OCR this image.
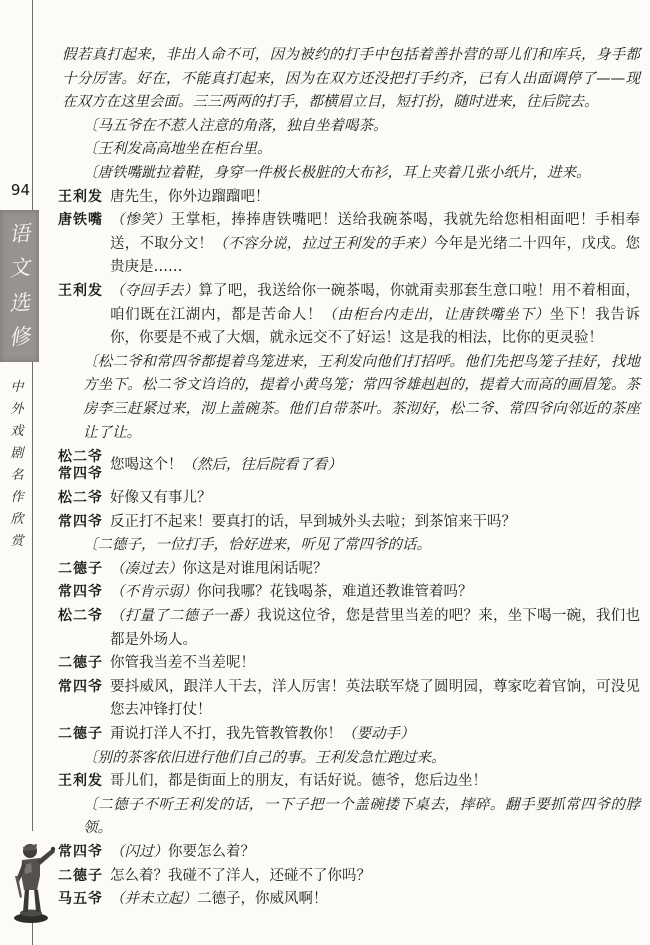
94
语
文
选
修
中
外
戏
剧
名
作
欣
赏
假若真打起来，非出人命不可，因为被约的打手中包括着善扑营的哥儿们和库兵，身手都十分厉害。好在，不能真打起来，因为在双方还没把打手约齐，已有人出面调停了——现在双方在这里会面。三三两两的打手，都横眉立目，短打扮，随时进来，往后院去。
〔马五爷在不惹人注意的角落，独自坐着喝茶。
〔王利发高高地坐在柜台里。
〔唐铁嘴跐拉着鞋，身穿一件极长极脏的大布衫，耳上夹着几张小纸片，进来。
王利发 唐先生，你外边蹓蹓吧！
唐铁嘴 （惨笑）王掌柜，捧捧唐铁嘴吧！送给我碗茶喝，我就先给您相相面吧！手相奉送，不取分文！（不容分说，拉过王利发的手来）今年是光绪二十四年，戊戌。您贵庚是……
王利发 （夺回手去）算了吧，我送给你一碗茶喝，你就甭卖那套生意口啦！用不着相面，咱们既在江湖内，都是苦命人！（由柜台内走出，让唐铁嘴坐下）坐下！我告诉你，你要是不戒了大烟，就永远交不了好运！这是我的相法，比你的更灵验！
〔松二爷和常四爷都提着鸟笼进来，王利发向他们打招呼。他们先把鸟笼子挂好，找地方坐下。松二爷文诌诌的，提着小黄鸟笼；常四爷雄赳赳的，提着大而高的画眉笼。茶房李三赶紧过来，沏上盖碗茶。他们自带茶叶。茶沏好，松二爷、常四爷向邻近的茶座让了让。
松二爷
常四爷
您喝这个！（然后，往后院看了看）
松二爷 好像又有事儿？
常四爷 反正打不起来！要真打的话，早到城外头去啦；到茶馆来干吗？
〔二德子，一位打手，恰好进来，听见了常四爷的话。
二德子 （凑过去）你这是对谁甩闲话呢？
常四爷 （不肯示弱）你问我哪？花钱喝茶，难道还教谁管着吗？
松二爷 （打量了二德子一番）我说这位爷，您是营里当差的吧？来，坐下喝一碗，我们也都是外场人。
二德子 你管我当差不当差呢！
常四爷 要抖威风，跟洋人干去，洋人厉害！英法联军烧了圆明园，尊家吃着官饷，可没见您去冲锋打仗！
二德子 甭说打洋人不打，我先管教管教你！（要动手）
〔别的茶客依旧进行他们自己的事。王利发急忙跑过来。
王利发 哥儿们，都是街面上的朋友，有话好说。德爷，您后边坐！
〔二德子不听王利发的话，一下子把一个盖碗搂下桌去，摔碎。翻手要抓常四爷的脖领。
常四爷 （闪过）你要怎么着？
二德子 怎么着？我碰不了洋人，还碰不了你吗？
马五爷 （并未立起）二德子，你威风啊！
